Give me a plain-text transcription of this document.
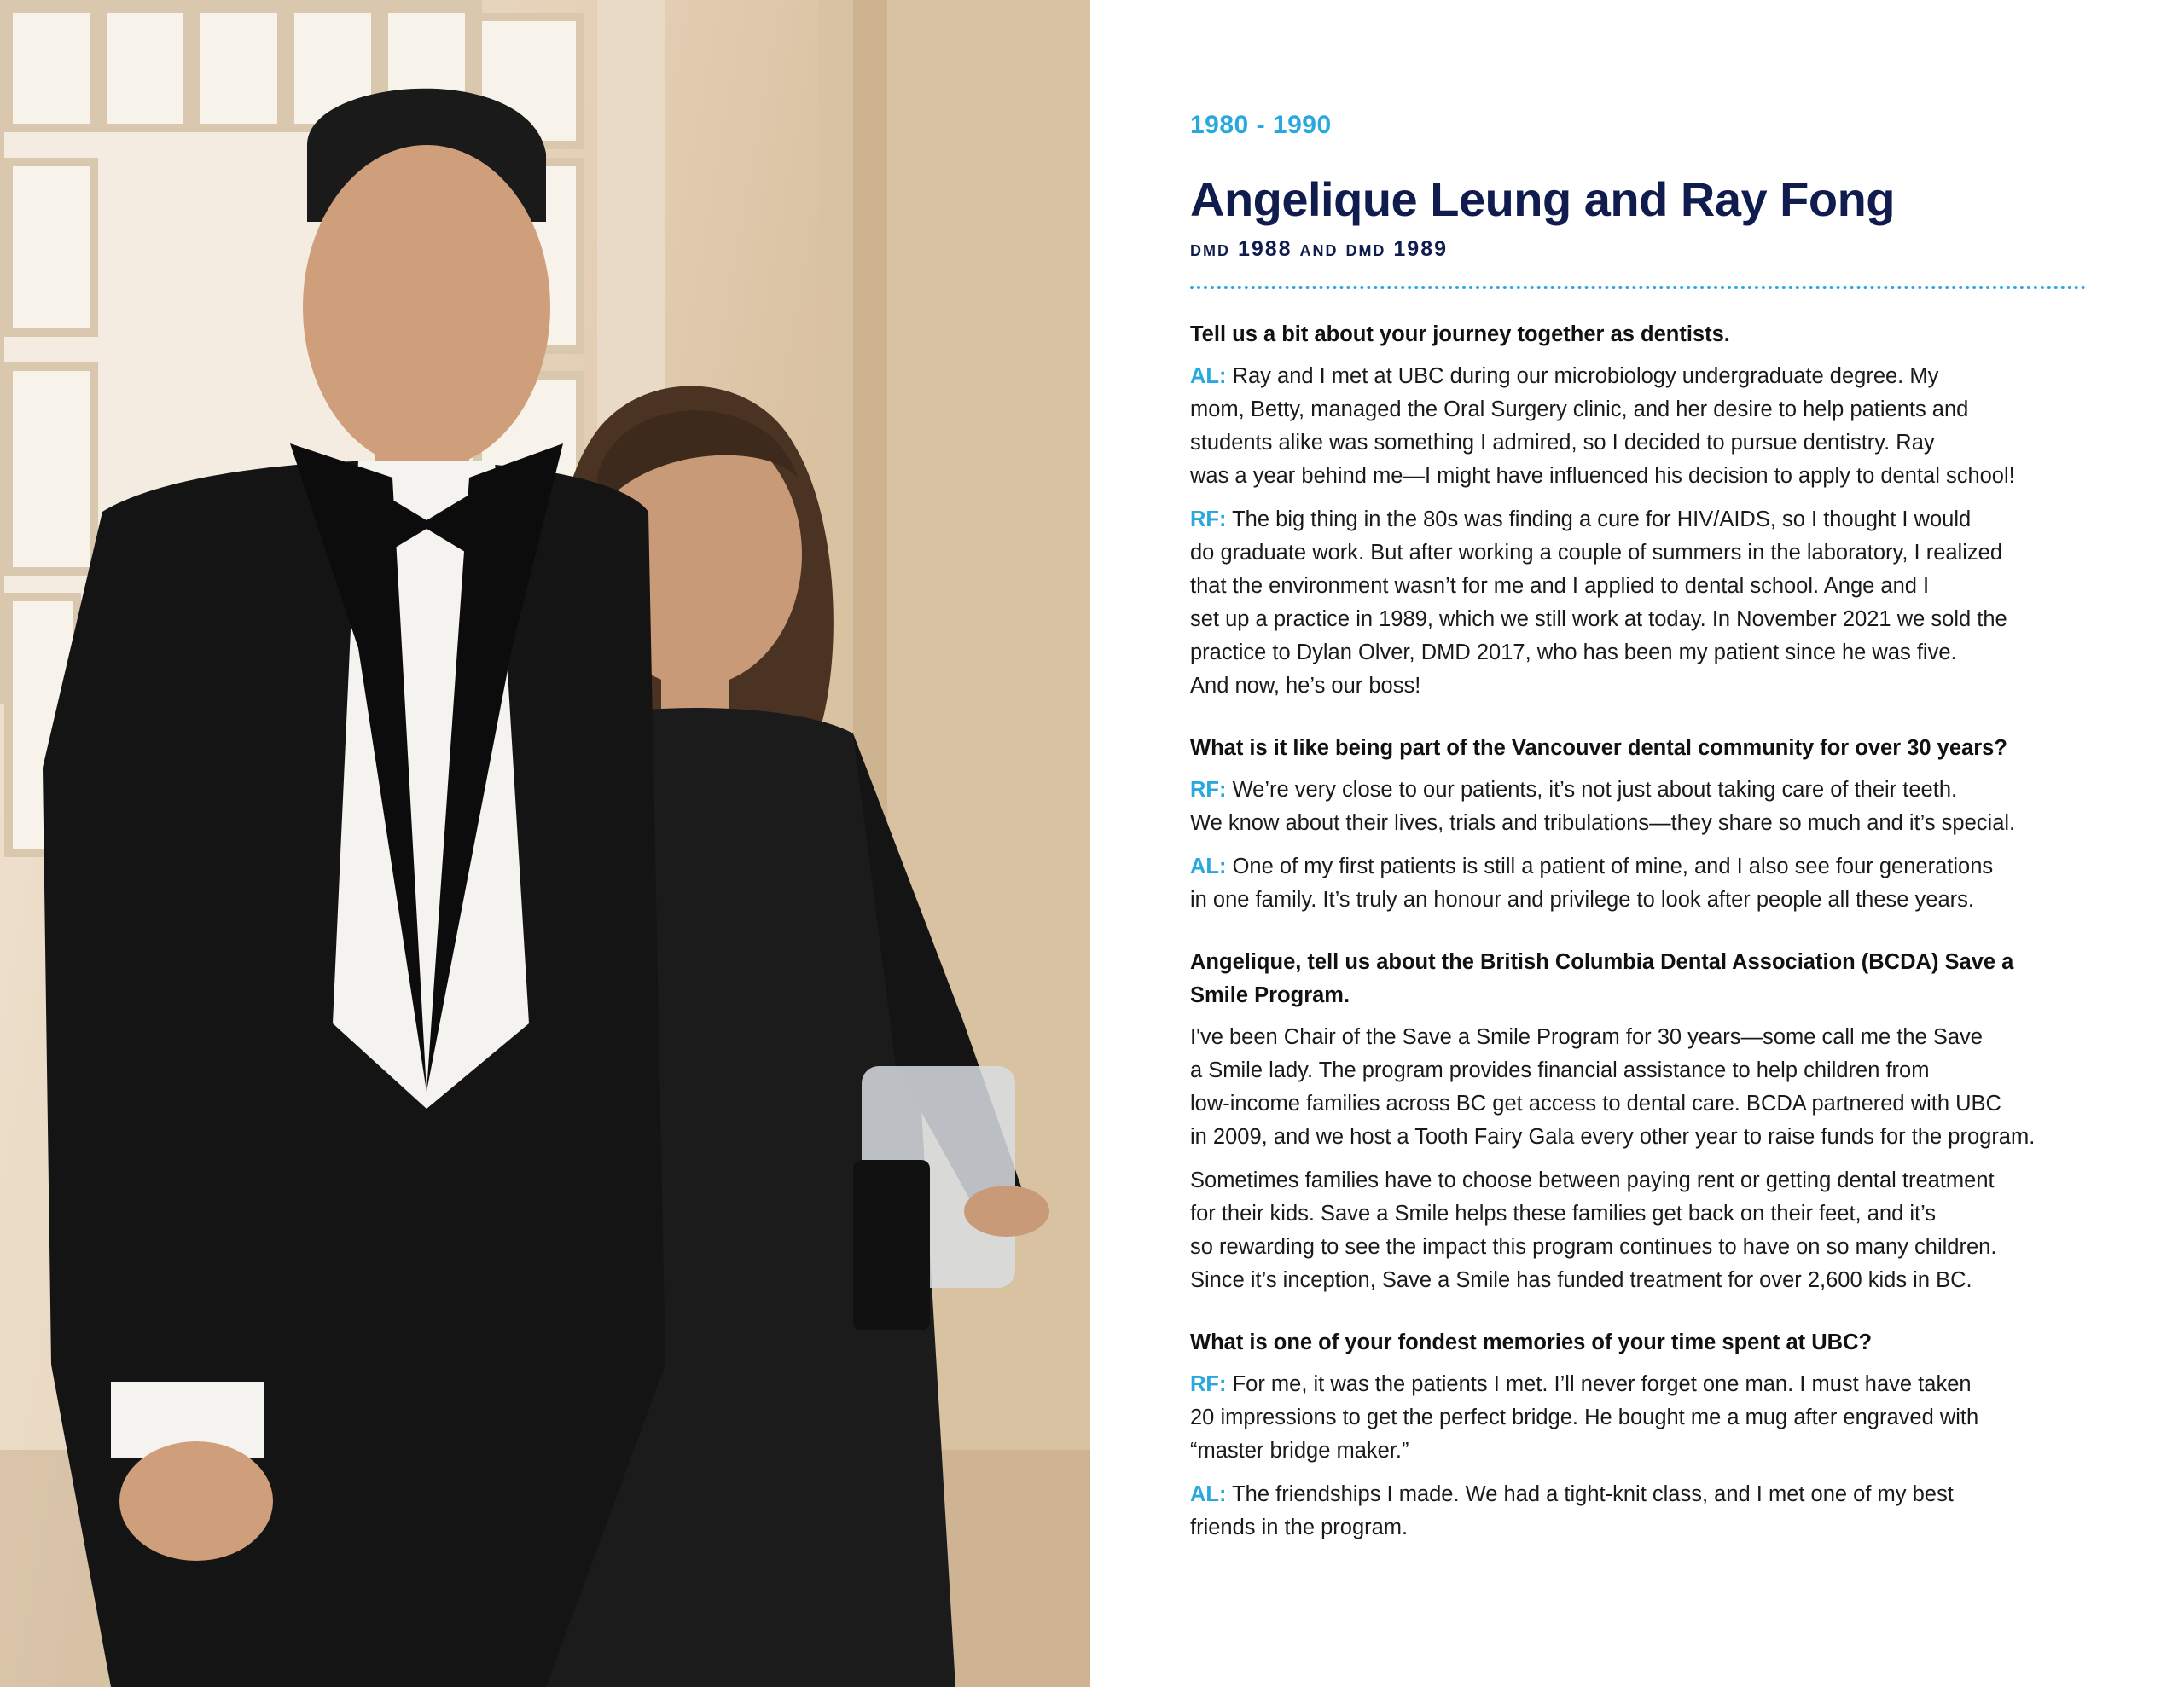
1980 - 1990
Angelique Leung and Ray Fong
dmd 1988 and dmd 1989
Tell us a bit about your journey together as dentists.
AL: Ray and I met at UBC during our microbiology undergraduate degree. My
mom, Betty, managed the Oral Surgery clinic, and her desire to help patients and
students alike was something I admired, so I decided to pursue dentistry. Ray
was a year behind me—I might have influenced his decision to apply to dental school!
RF: The big thing in the 80s was finding a cure for HIV/AIDS, so I thought I would
do graduate work. But after working a couple of summers in the laboratory, I realized
that the environment wasn’t for me and I applied to dental school. Ange and I
set up a practice in 1989, which we still work at today. In November 2021 we sold the
practice to Dylan Olver, DMD 2017, who has been my patient since he was five.
And now, he’s our boss!
What is it like being part of the Vancouver dental community for over 30 years?
RF: We’re very close to our patients, it’s not just about taking care of their teeth.
We know about their lives, trials and tribulations—they share so much and it’s special.
AL: One of my first patients is still a patient of mine, and I also see four generations
in one family. It’s truly an honour and privilege to look after people all these years.
Angelique, tell us about the British Columbia Dental Association (BCDA) Save a
Smile Program.
I've been Chair of the Save a Smile Program for 30 years—some call me the Save
a Smile lady. The program provides financial assistance to help children from
low-income families across BC get access to dental care. BCDA partnered with UBC
in 2009, and we host a Tooth Fairy Gala every other year to raise funds for the program.
Sometimes families have to choose between paying rent or getting dental treatment
for their kids. Save a Smile helps these families get back on their feet, and it’s
so rewarding to see the impact this program continues to have on so many children.
Since it’s inception, Save a Smile has funded treatment for over 2,600 kids in BC.
What is one of your fondest memories of your time spent at UBC?
RF: For me, it was the patients I met. I’ll never forget one man. I must have taken
20 impressions to get the perfect bridge. He bought me a mug after engraved with
“master bridge maker.”
AL: The friendships I made. We had a tight-knit class, and I met one of my best
friends in the program.
